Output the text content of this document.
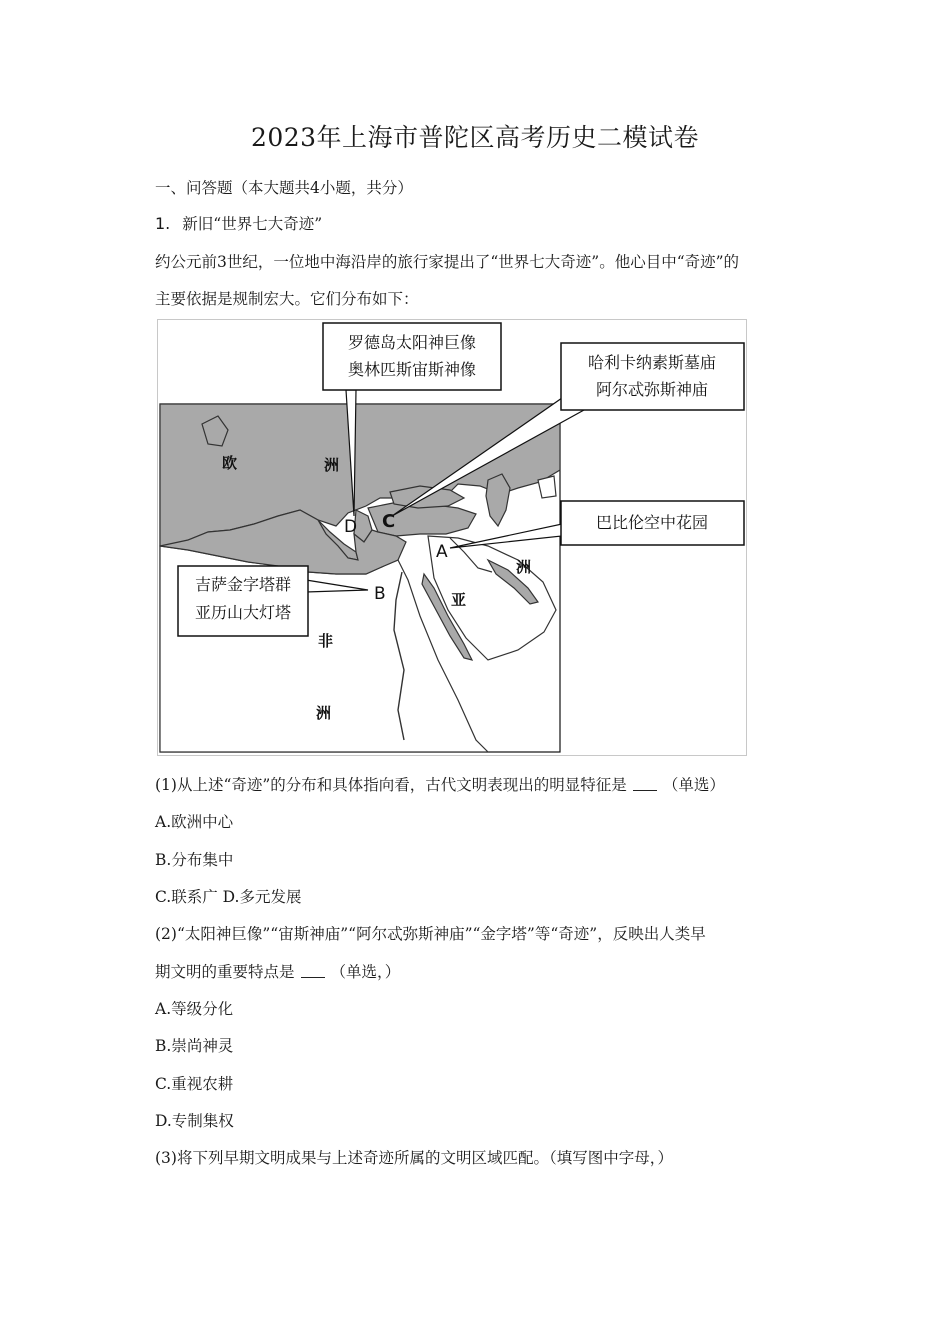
2023年上海市普陀区高考历史二模试卷
一、问答题（本大题共4小题，共分）
1. 新旧“世界七大奇迹”
约公元前3世纪，一位地中海沿岸的旅行家提出了“世界七大奇迹”。他心目中“奇迹”的
主要依据是规制宏大。它们分布如下：
欧	洲
亚
洲
非
洲
D C
A
B
罗德岛太阳神巨像
奥林匹斯宙斯神像	哈利卡纳素斯墓庙
阿尔忒弥斯神庙
巴比伦空中花园
吉萨金字塔群
亚历山大灯塔
(1)从上述“奇迹”的分布和具体指向看，古代文明表现出的明显特征是 （单选）
A.欧洲中心
B.分布集中
C.联系广 D.多元发展
(2)“太阳神巨像”“宙斯神庙”“阿尔忒弥斯神庙”“金字塔”等“奇迹”，反映出人类早
期文明的重要特点是 （单选，）
A.等级分化
B.崇尚神灵
C.重视农耕
D.专制集权
(3)将下列早期文明成果与上述奇迹所属的文明区域匹配。（填写图中字母，）
